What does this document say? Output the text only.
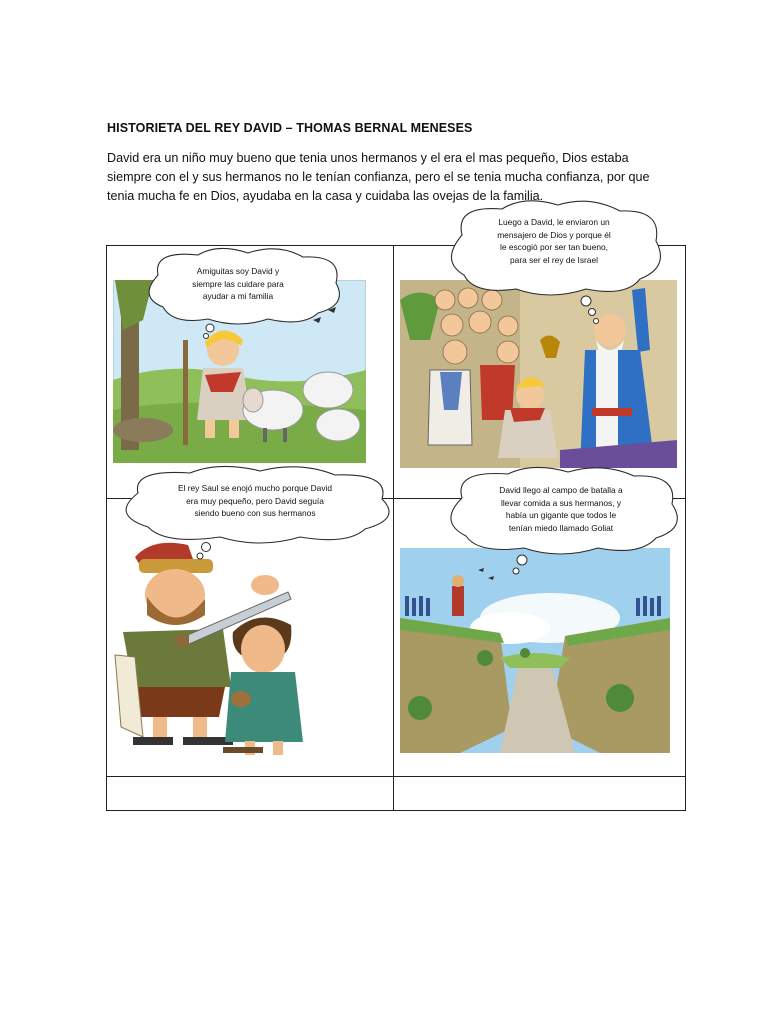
HISTORIETA DEL REY DAVID – THOMAS BERNAL MENESES
David era un niño muy bueno que tenia unos hermanos y el era el mas pequeño, Dios estaba siempre con el y sus hermanos no le tenían confianza, pero el se tenia mucha confianza, por que tenia mucha fe en Dios, ayudaba en la casa y cuidaba las ovejas de la familia.
Amiguitas soy David y
siempre las cuidare para
ayudar a mi familia
Luego a David, le enviaron un
mensajero de Dios y porque él
le escogió por ser tan bueno,
para ser el rey de Israel
El rey Saul se enojó mucho porque David
era muy pequeño, pero David seguía
siendo bueno con sus hermanos
David llego al campo de batalla a
llevar comida a sus hermanos, y
había un gigante que todos le
tenían miedo llamado Goliat
